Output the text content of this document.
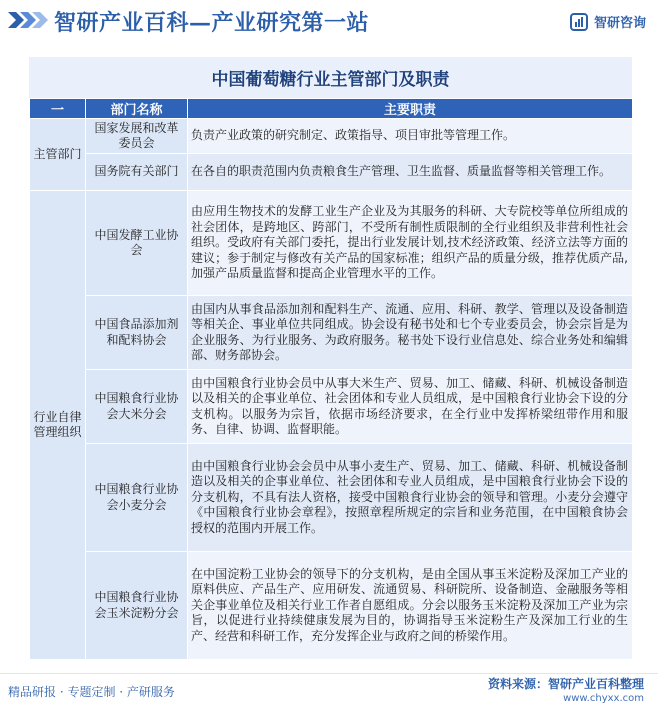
智研产业百科—产业研究第一站	智研咨询
中国葡萄糖行业主管部门及职责
一	部门名称	主要职责
主管部门	国家发展和改革委员会	负责产业政策的研究制定、政策指导、项目审批等管理工作。
	国务院有关部门	在各自的职责范围内负责粮食生产管理、卫生监督、质量监督等相关管理工作。
行业自律管理组织	中国发酵工业协会	由应用生物技术的发酵工业生产企业及为其服务的科研、大专院校等单位所组成的社会团体，是跨地区、跨部门，不受所有制性质限制的全行业组织及非营利性社会组织。受政府有关部门委托，提出行业发展计划,技术经济政策、经济立法等方面的建议；参于制定与修改有关产品的国家标准；组织产品的质量分级，推荐优质产品,加强产品质量监督和提高企业管理水平的工作。
	中国食品添加剂和配料协会	由国内从事食品添加剂和配料生产、流通、应用、科研、教学、管理以及设备制造等相关企、事业单位共同组成。协会设有秘书处和七个专业委员会，协会宗旨是为企业服务、为行业服务、为政府服务。秘书处下设行业信息处、综合业务处和编辑部、财务部协会。
	中国粮食行业协会大米分会	由中国粮食行业协会员中从事大米生产、贸易、加工、储藏、科研、机械设备制造以及相关的企事业单位、社会团体和专业人员组成，是中国粮食行业协会下设的分支机构。以服务为宗旨，依据市场经济要求，在全行业中发挥桥梁纽带作用和服务、自律、协调、监督职能。
	中国粮食行业协会小麦分会	由中国粮食行业协会会员中从事小麦生产、贸易、加工、储藏、科研、机械设备制造以及相关的企事业单位、社会团体和专业人员组成，是中国粮食行业协会下设的分支机构，不具有法人资格，接受中国粮食行业协会的领导和管理。小麦分会遵守《中国粮食行业协会章程》，按照章程所规定的宗旨和业务范围，在中国粮食协会授权的范围内开展工作。
	中国粮食行业协会玉米淀粉分会	在中国淀粉工业协会的领导下的分支机构，是由全国从事玉米淀粉及深加工产业的原料供应、产品生产、应用研发、流通贸易、科研院所、设备制造、金融服务等相关企事业单位及相关行业工作者自愿组成。分会以服务玉米淀粉及深加工产业为宗旨，以促进行业持续健康发展为目的，协调指导玉米淀粉生产及深加工行业的生产、经营和科研工作，充分发挥企业与政府之间的桥梁作用。
精品研报 · 专题定制 · 产研服务
资料来源：智研产业百科整理
www.chyxx.com
